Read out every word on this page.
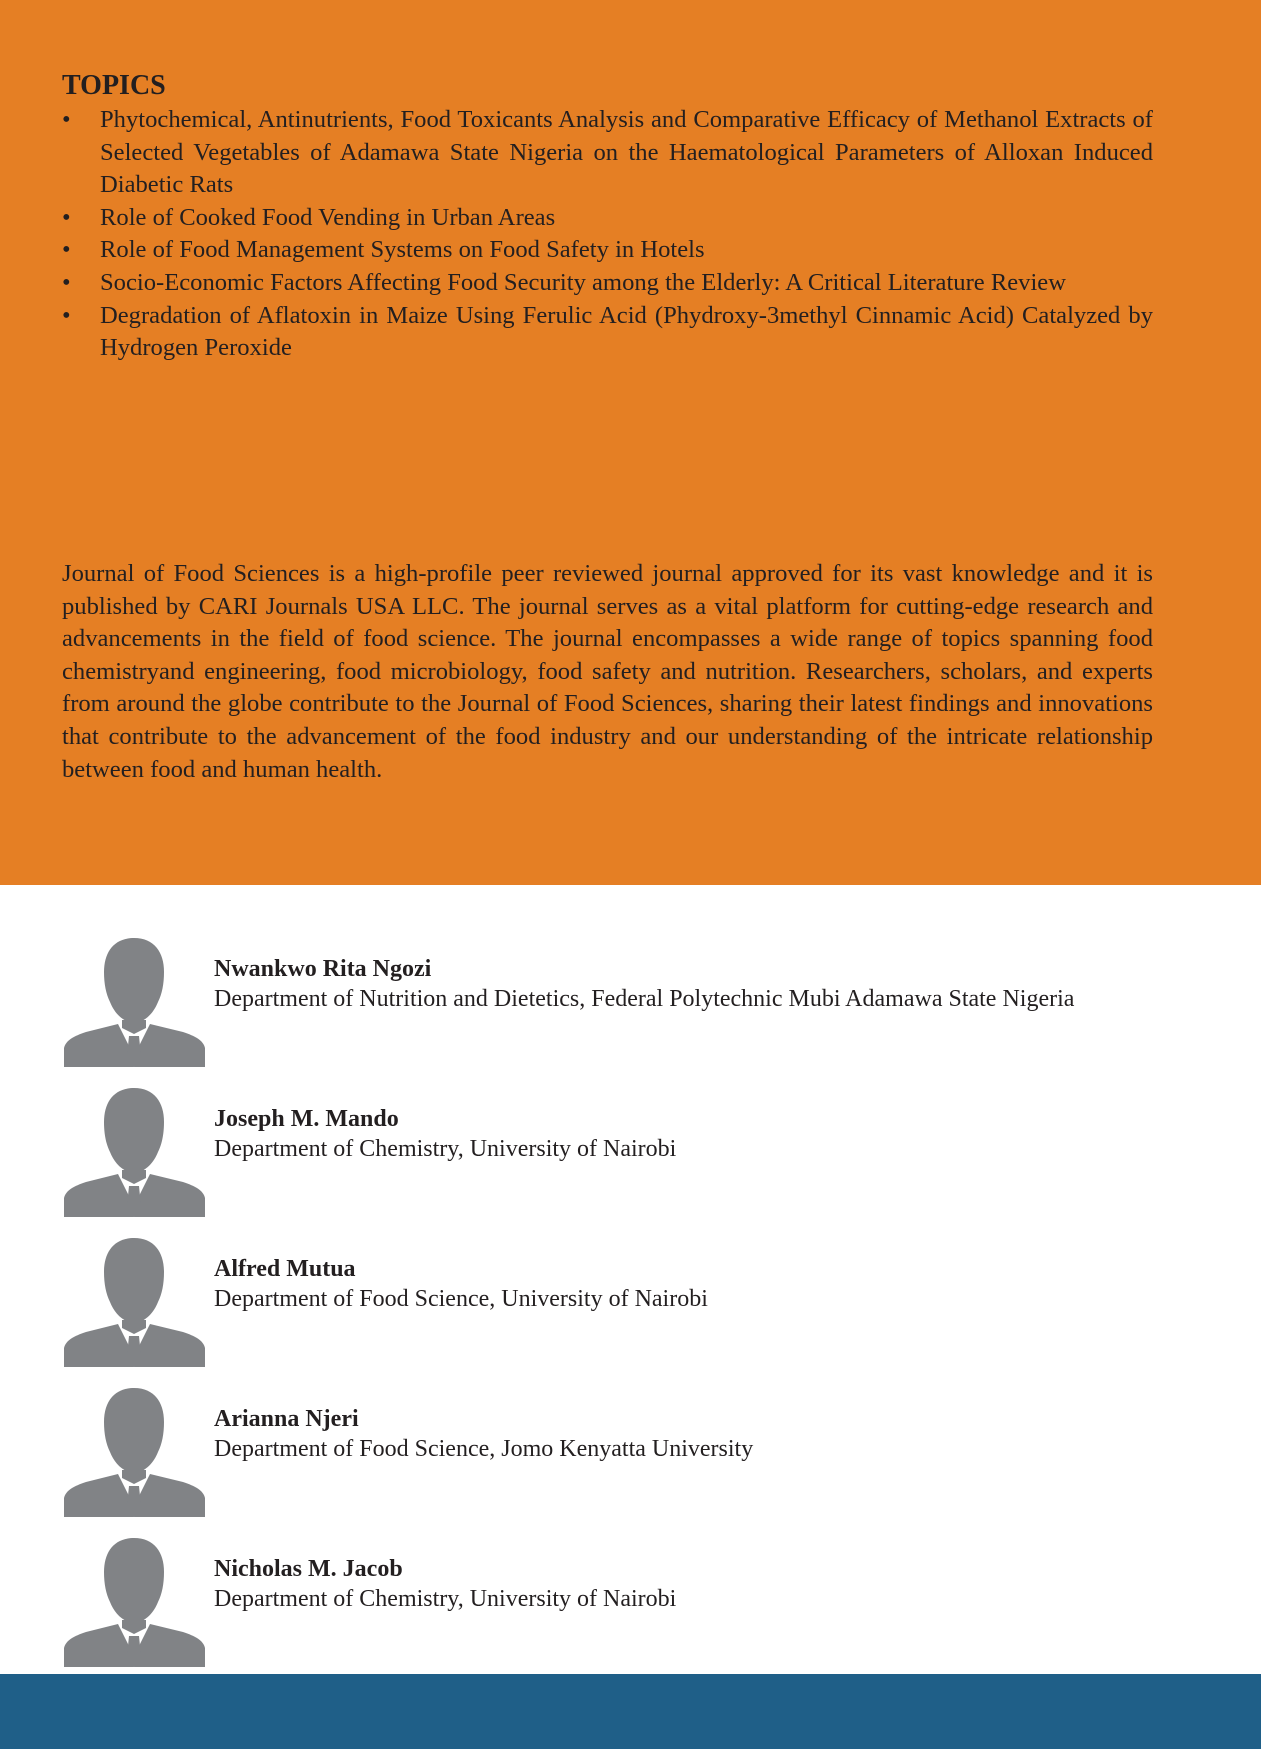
TOPICS
• Phytochemical, Antinutrients, Food Toxicants Analysis and Comparative Efficacy of Methanol Extracts of Selected Vegetables of Adamawa State Nigeria on the Haematological Parameters of Alloxan Induced Diabetic Rats
• Role of Cooked Food Vending in Urban Areas
• Role of Food Management Systems on Food Safety in Hotels
• Socio-Economic Factors Affecting Food Security among the Elderly: A Critical Literature Review
• Degradation of Aflatoxin in Maize Using Ferulic Acid (Phydroxy-3methyl Cinnamic Acid) Catalyzed by Hydrogen Peroxide

Journal of Food Sciences is a high-profile peer reviewed journal approved for its vast knowledge and it is published by CARI Journals USA LLC. The journal serves as a vital platform for cutting-edge research and advancements in the field of food science. The journal encompasses a wide range of topics spanning food chemistryand engineering, food microbiology, food safety and nutrition. Researchers, scholars, and experts from around the globe contribute to the Journal of Food Sciences, sharing their latest findings and innovations that contribute to the advancement of the food industry and our understanding of the intricate relationship between food and human health.

Nwankwo Rita Ngozi
Department of Nutrition and Dietetics, Federal Polytechnic Mubi Adamawa State Nigeria
Joseph M. Mando
Department of Chemistry, University of Nairobi
Alfred Mutua
Department of Food Science, University of Nairobi
Arianna Njeri
Department of Food Science, Jomo Kenyatta University
Nicholas M. Jacob
Department of Chemistry, University of Nairobi
